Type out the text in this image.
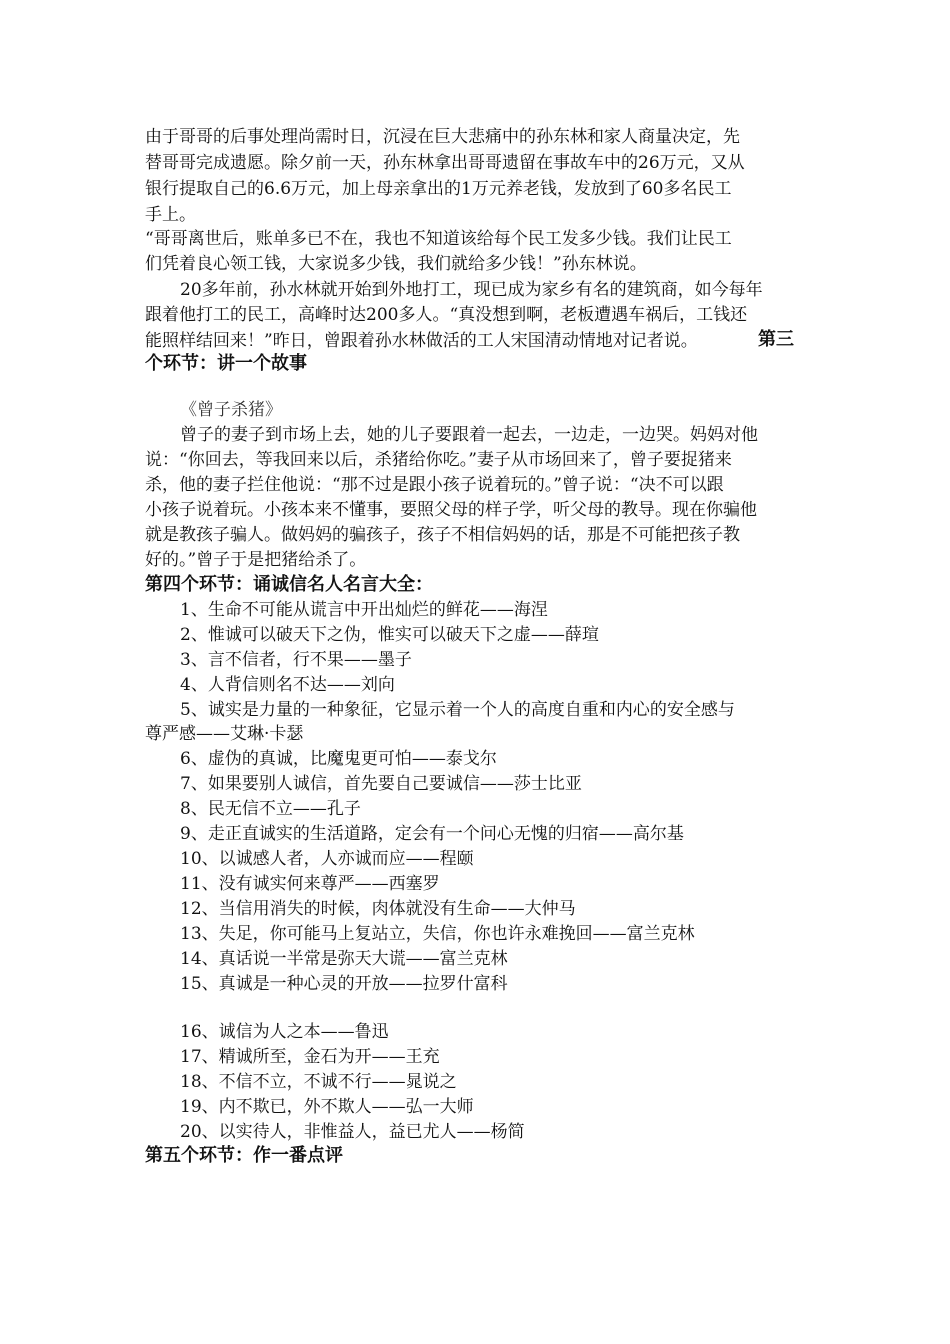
由于哥哥的后事处理尚需时日，沉浸在巨大悲痛中的孙东林和家人商量决定，先
替哥哥完成遗愿。除夕前一天，孙东林拿出哥哥遗留在事故车中的26万元，又从
银行提取自己的6.6万元，加上母亲拿出的1万元养老钱，发放到了60多名民工
手上。
“哥哥离世后，账单多已不在，我也不知道该给每个民工发多少钱。我们让民工
们凭着良心领工钱，大家说多少钱，我们就给多少钱！”孙东林说。
20多年前，孙水林就开始到外地打工，现已成为家乡有名的建筑商，如今每年
跟着他打工的民工，高峰时达200多人。“真没想到啊，老板遭遇车祸后，工钱还
能照样结回来！”昨日，曾跟着孙水林做活的工人宋国清动情地对记者说。	第三
个环节：讲一个故事
《曾子杀猪》
曾子的妻子到市场上去，她的儿子要跟着一起去，一边走，一边哭。妈妈对他
说：“你回去，等我回来以后，杀猪给你吃。”妻子从市场回来了，曾子要捉猪来
杀，他的妻子拦住他说：“那不过是跟小孩子说着玩的。”曾子说：“决不可以跟
小孩子说着玩。小孩本来不懂事，要照父母的样子学，听父母的教导。现在你骗他
就是教孩子骗人。做妈妈的骗孩子，孩子不相信妈妈的话，那是不可能把孩子教
好的。”曾子于是把猪给杀了。
第四个环节：诵诚信名人名言大全：
1、生命不可能从谎言中开出灿烂的鲜花——海涅
2、惟诚可以破天下之伪，惟实可以破天下之虚——薛瑄
3、言不信者，行不果——墨子
4、人背信则名不达——刘向
5、诚实是力量的一种象征，它显示着一个人的高度自重和内心的安全感与
尊严感——艾琳·卡瑟
6、虚伪的真诚，比魔鬼更可怕——泰戈尔
7、如果要别人诚信，首先要自己要诚信——莎士比亚
8、民无信不立——孔子
9、走正直诚实的生活道路，定会有一个问心无愧的归宿——高尔基
10、以诚感人者，人亦诚而应——程颐
11、没有诚实何来尊严——西塞罗
12、当信用消失的时候，肉体就没有生命——大仲马
13、失足，你可能马上复站立，失信，你也许永难挽回——富兰克林
14、真话说一半常是弥天大谎——富兰克林
15、真诚是一种心灵的开放——拉罗什富科
16、诚信为人之本——鲁迅
17、精诚所至，金石为开——王充
18、不信不立，不诚不行——晁说之
19、内不欺已，外不欺人——弘一大师
20、以实待人，非惟益人，益已尤人——杨简
第五个环节：作一番点评
